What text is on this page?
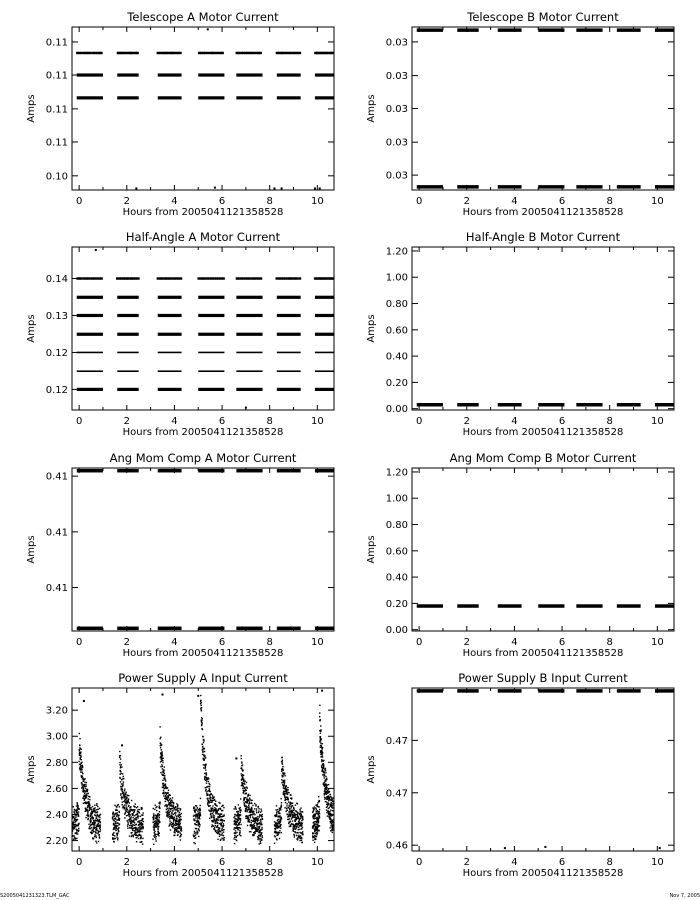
Telescope A Motor Current
0	2	4	6	8	10
0.10
0.11
0.11
0.11
0.11
Hours from 2005041121358528
Amps
Telescope B Motor Current
0	2	4	6	8	10
0.03
0.03
0.03
0.03
0.03
Hours from 2005041121358528
Amps
Half-Angle A Motor Current
0	2	4	6	8	10
0.12
0.12
0.13
0.14
Hours from 2005041121358528
Amps
Half-Angle B Motor Current
0	2	4	6	8	10
0.00
0.20
0.40
0.60
0.80
1.00
1.20
Hours from 2005041121358528
Amps
Ang Mom Comp A Motor Current
0	2	4	6	8	10
0.41
0.41
0.41
Hours from 2005041121358528
Amps
Ang Mom Comp B Motor Current
0	2	4	6	8	10
0.00
0.20
0.40
0.60
0.80
1.00
1.20
Hours from 2005041121358528
Amps
Power Supply A Input Current
0	2	4	6	8	10
2.20
2.40
2.60
2.80
3.00
3.20
Hours from 2005041121358528
Amps
Power Supply B Input Current
0	2	4	6	8	10
0.46
0.47
0.47
Hours from 2005041121358528
Amps
S2005041231323.TLM_GAC	Nov 7, 2005
